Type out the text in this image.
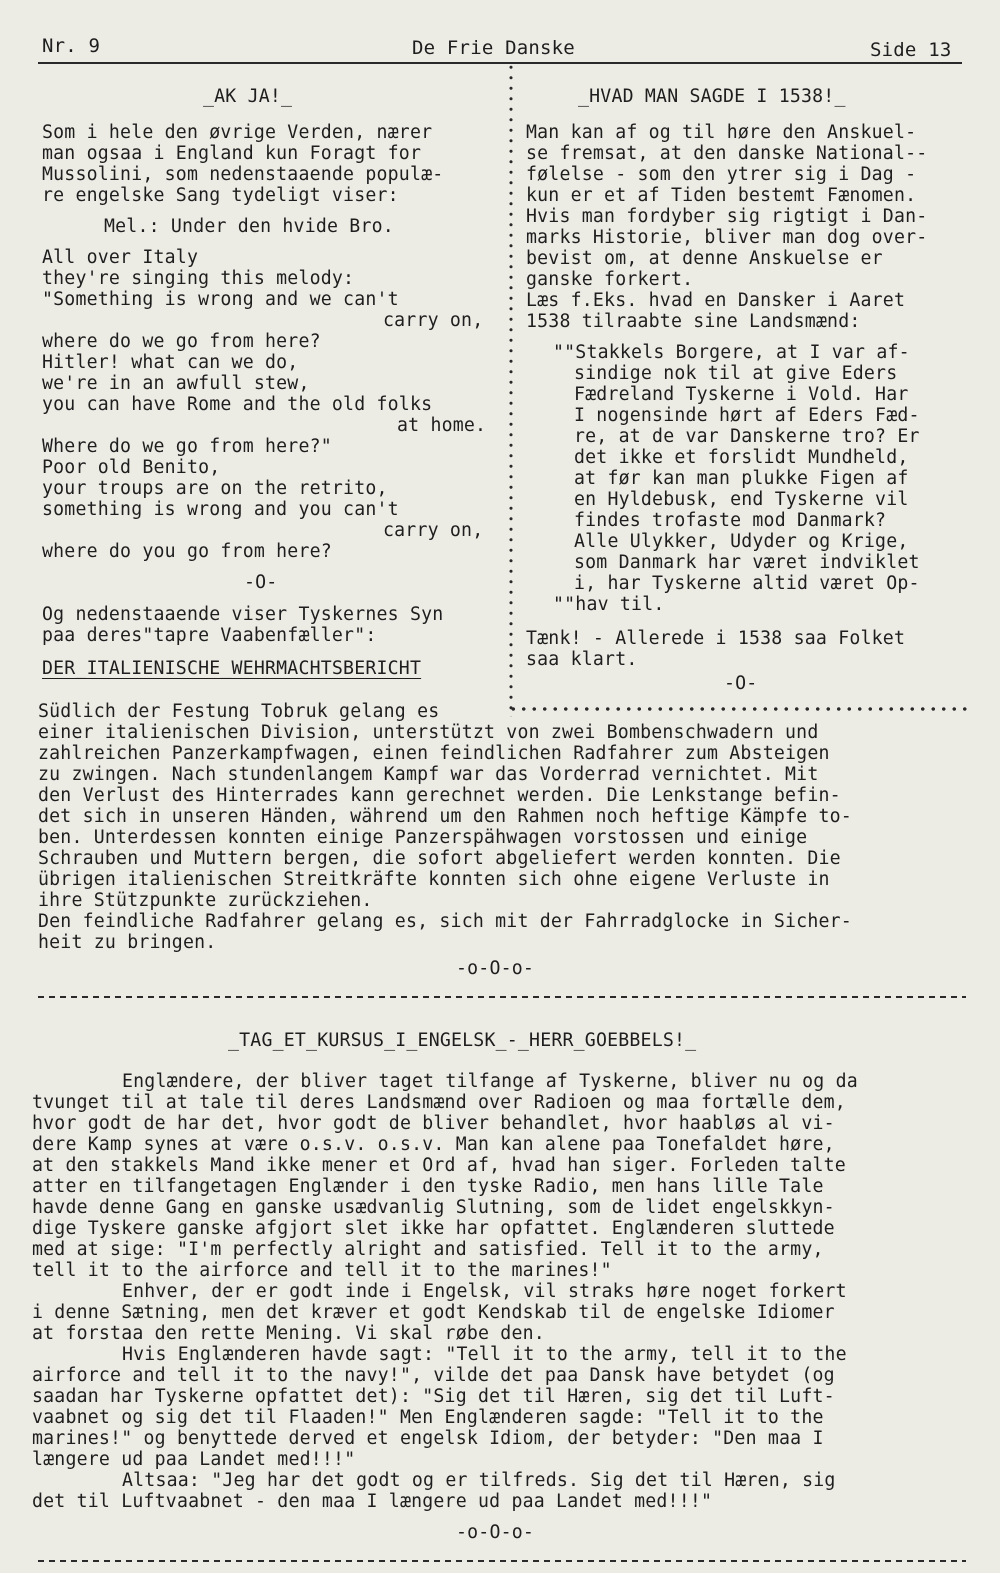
Nr. 9	De Frie Danske	Side 13
_AK JA!_
Som i hele den øvrige Verden, nærer
man ogsaa i England kun Foragt for
Mussolini, som nedenstaaende populæ-
re engelske Sang tydeligt viser:
Mel.: Under den hvide Bro.
All over Italy
they're singing this melody:
"Something is wrong and we can't
carry on,
where do we go from here?
Hitler! what can we do,
we're in an awfull stew,
you can have Rome and the old folks
at home.
Where do we go from here?"
Poor old Benito,
your troups are on the retrito,
something is wrong and you can't
carry on,
where do you go from here?
-O-
Og nedenstaaende viser Tyskernes Syn
paa deres"tapre Vaabenfæller":
DER_ITALIENISCHE_WEHRMACHTSBERICHT
_HVAD MAN SAGDE I 1538!_
Man kan af og til høre den Anskuel-
se fremsat, at den danske National--
følelse - som den ytrer sig i Dag -
kun er et af Tiden bestemt Fænomen.
Hvis man fordyber sig rigtigt i Dan-
marks Historie, bliver man dog over-
bevist om, at denne Anskuelse er
ganske forkert.
Læs f.Eks. hvad en Dansker i Aaret
1538 tilraabte sine Landsmænd:
""Stakkels Borgere, at I var af-
sindige nok til at give Eders
Fædreland Tyskerne i Vold. Har
I nogensinde hørt af Eders Fæd-
re, at de var Danskerne tro? Er
det ikke et forslidt Mundheld,
at før kan man plukke Figen af
en Hyldebusk, end Tyskerne vil
findes trofaste mod Danmark?
Alle Ulykker, Udyder og Krige,
som Danmark har været indviklet
i, har Tyskerne altid været Op-
""hav til.
Tænk! - Allerede i 1538 saa Folket
saa klart.
-O-
Südlich der Festung Tobruk gelang es
einer italienischen Division, unterstützt von zwei Bombenschwadern und
zahlreichen Panzerkampfwagen, einen feindlichen Radfahrer zum Absteigen
zu zwingen. Nach stundenlangem Kampf war das Vorderrad vernichtet. Mit
den Verlust des Hinterrades kann gerechnet werden. Die Lenkstange befin-
det sich in unseren Händen, während um den Rahmen noch heftige Kämpfe to-
ben. Unterdessen konnten einige Panzerspähwagen vorstossen und einige
Schrauben und Muttern bergen, die sofort abgeliefert werden konnten. Die
übrigen italienischen Streitkräfte konnten sich ohne eigene Verluste in
ihre Stützpunkte zurückziehen.
Den feindliche Radfahrer gelang es, sich mit der Fahrradglocke in Sicher-
heit zu bringen.
-o-O-o-
_TAG_ET_KURSUS_I_ENGELSK_-_HERR_GOEBBELS!_
Englændere, der bliver taget tilfange af Tyskerne, bliver nu og da
tvunget til at tale til deres Landsmænd over Radioen og maa fortælle dem,
hvor godt de har det, hvor godt de bliver behandlet, hvor haabløs al vi-
dere Kamp synes at være o.s.v. o.s.v. Man kan alene paa Tonefaldet høre,
at den stakkels Mand ikke mener et Ord af, hvad han siger. Forleden talte
atter en tilfangetagen Englænder i den tyske Radio, men hans lille Tale
havde denne Gang en ganske usædvanlig Slutning, som de lidet engelskkyn-
dige Tyskere ganske afgjort slet ikke har opfattet. Englænderen sluttede
med at sige: "I'm perfectly alright and satisfied. Tell it to the army,
tell it to the airforce and tell it to the marines!"
Enhver, der er godt inde i Engelsk, vil straks høre noget forkert
i denne Sætning, men det kræver et godt Kendskab til de engelske Idiomer
at forstaa den rette Mening. Vi skal røbe den.
Hvis Englænderen havde sagt: "Tell it to the army, tell it to the
airforce and tell it to the navy!", vilde det paa Dansk have betydet (og
saadan har Tyskerne opfattet det): "Sig det til Hæren, sig det til Luft-
vaabnet og sig det til Flaaden!" Men Englænderen sagde: "Tell it to the
marines!" og benyttede derved et engelsk Idiom, der betyder: "Den maa I
længere ud paa Landet med!!!"
Altsaa: "Jeg har det godt og er tilfreds. Sig det til Hæren, sig
det til Luftvaabnet - den maa I længere ud paa Landet med!!!"
-o-O-o-
